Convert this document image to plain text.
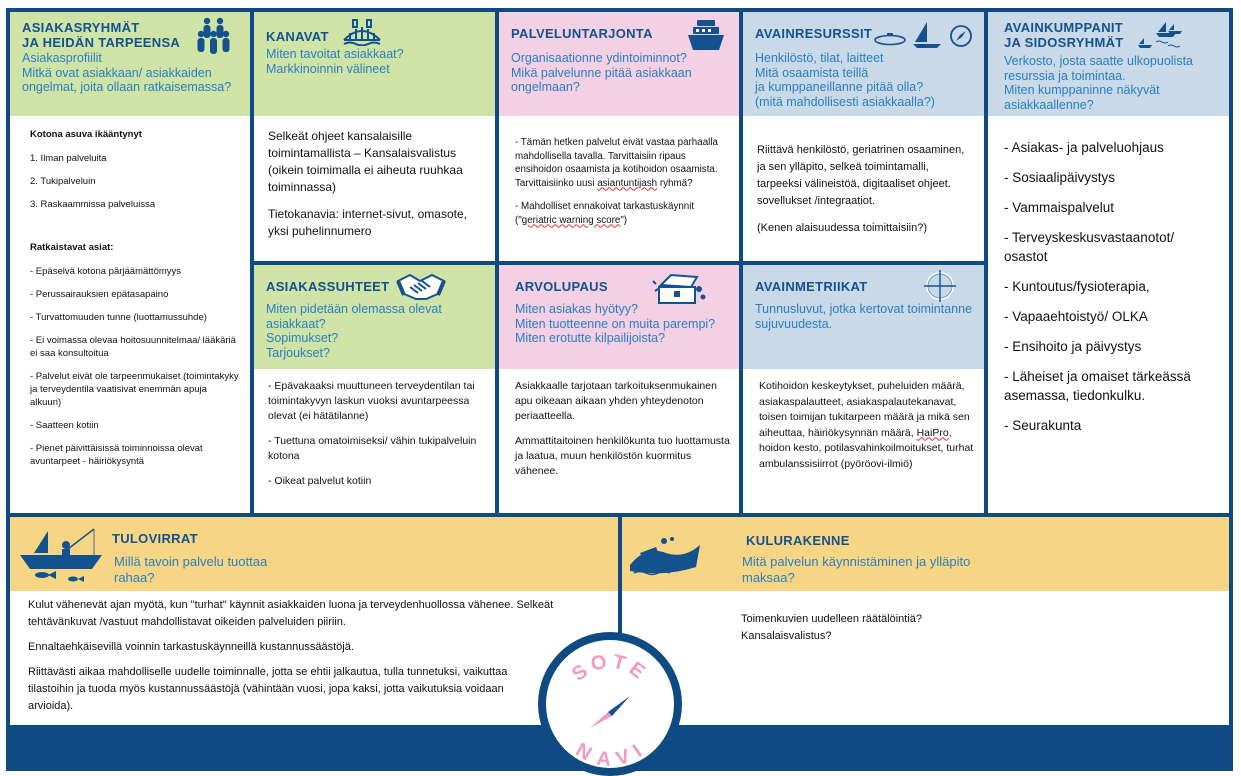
ASIAKASRYHMÄT
JA HEIDÄN TARPEENSA
Asiakasprofiilit
Mitkä ovat asiakkaan/ asiakkaiden ongelmat, joita ollaan ratkaisemassa?
Kotona asuva ikääntynyt
1. Ilman palveluita
2. Tukipalveluin
3. Raskaammissa palveluissa
Ratkaistavat asiat:
- Epäselvä kotona pärjäämättömyys
- Perussairauksien epätasapaino
- Turvattomuuden tunne (luottamussuhde)
- Ei voimassa olevaa hoitosuunnitelmaa/ lääkäriä ei saa konsultoitua
- Palvelut eivät ole tarpeenmukaiset (toimintakyky ja terveydentila vaatisivat enemmän apuja alkuun)
- Saatteen kotiin
- Pienet päivittäisissä toiminnoissa olevat avuntarpeet - häiriökysyntä
KANAVAT
Miten tavoitat asiakkaat?
Markkinoinnin välineet
Selkeät ohjeet kansalaisille toimintamallista – Kansalaisvalistus (oikein toimimalla ei aiheuta ruuhkaa toiminnassa)
Tietokanavia: internet-sivut, omasote, yksi puhelinnumero
PALVELUNTARJONTA
Organisaationne ydintoiminnot?
Mikä palvelunne pitää asiakkaan ongelmaan?
- Tämän hetken palvelut eivät vastaa parhaalla mahdollisella tavalla. Tarvittaisiin ripaus ensihoidon osaamista ja kotihoidon osaamista. Tarvittaisiinko uusi asiantuntijash ryhmä?
- Mahdolliset ennakoivat tarkastuskäynnit ("geriatric warning score")
AVAINRESURSSIT
Henkilöstö, tilat, laitteet
Mitä osaamista teillä
ja kumppaneillanne pitää olla?
(mitä mahdollisesti asiakkaalla?)
Riittävä henkilöstö, geriatrinen osaaminen, ja sen ylläpito, selkeä toimintamalli, tarpeeksi välineistöä, digitaaliset ohjeet. sovellukset /integraatiot.
(Kenen alaisuudessa toimittaisiin?)
AVAINKUMPPANIT
JA SIDOSRYHMÄT
Verkosto, josta saatte ulkopuolista resurssia ja toimintaa.
Miten kumppaninne näkyvät asiakkaallenne?
- Asiakas- ja palveluohjaus
- Sosiaalipäivystys
- Vammaispalvelut
- Terveyskeskusvastaanotot/ osastot
- Kuntoutus/fysioterapia,
- Vapaaehtoistyö/ OLKA
- Ensihoito ja päivystys
- Läheiset ja omaiset tärkeässä asemassa, tiedonkulku.
- Seurakunta
ASIAKASSUHTEET
Miten pidetään olemassa olevat asiakkaat?
Sopimukset?
Tarjoukset?
- Epävakaaksi muuttuneen terveydentilan tai toimintakyvyn laskun vuoksi avuntarpeessa olevat (ei hätätilanne)
- Tuettuna omatoimiseksi/ vähin tukipalveluin kotona
- Oikeat palvelut kotiin
ARVOLUPAUS
Miten asiakas hyötyy?
Miten tuotteenne on muita parempi?
Miten erotutte kilpailijoista?
Asiakkaalle tarjotaan tarkoituksenmukainen apu oikeaan aikaan yhden yhteydenoton periaatteella.
Ammattitaitoinen henkilökunta tuo luottamusta ja laatua, muun henkilöstön kuormitus vähenee.
AVAINMETRIIKAT
Tunnusluvut, jotka kertovat toimintanne sujuvuudesta.
Kotihoidon keskeytykset, puheluiden määrä, asiakaspalautteet, asiakaspalautekanavat, toisen toimijan tukitarpeen määrä ja mikä sen aiheuttaa, häiriökysynnän määrä, HaiPro, hoidon kesto, potilasvahinkoilmoitukset, turhat ambulanssisiirrot (pyöröovi-ilmiö)
TULOVIRRAT
Millä tavoin palvelu tuottaa rahaa?
Kulut vähenevät ajan myötä, kun "turhat" käynnit asiakkaiden luona ja terveydenhuollossa vähenee. Selkeät tehtävänkuvat /vastuut mahdollistavat oikeiden palveluiden piiriin.
Ennaltaehkäisevillä voinnin tarkastuskäynneillä kustannussäästöjä.
Riittävästi aikaa mahdolliselle uudelle toiminnalle, jotta se ehtii jalkautua, tulla tunnetuksi, vaikuttaa tilastoihin ja tuoda myös kustannussäästöjä (vähintään vuosi, jopa kaksi, jotta vaikutuksia voidaan arvioida).
KULURAKENNE
Mitä palvelun käynnistäminen ja ylläpito maksaa?
Toimenkuvien uudelleen räätälöintiä?
Kansalaisvalistus?
SOTE
NAVI
